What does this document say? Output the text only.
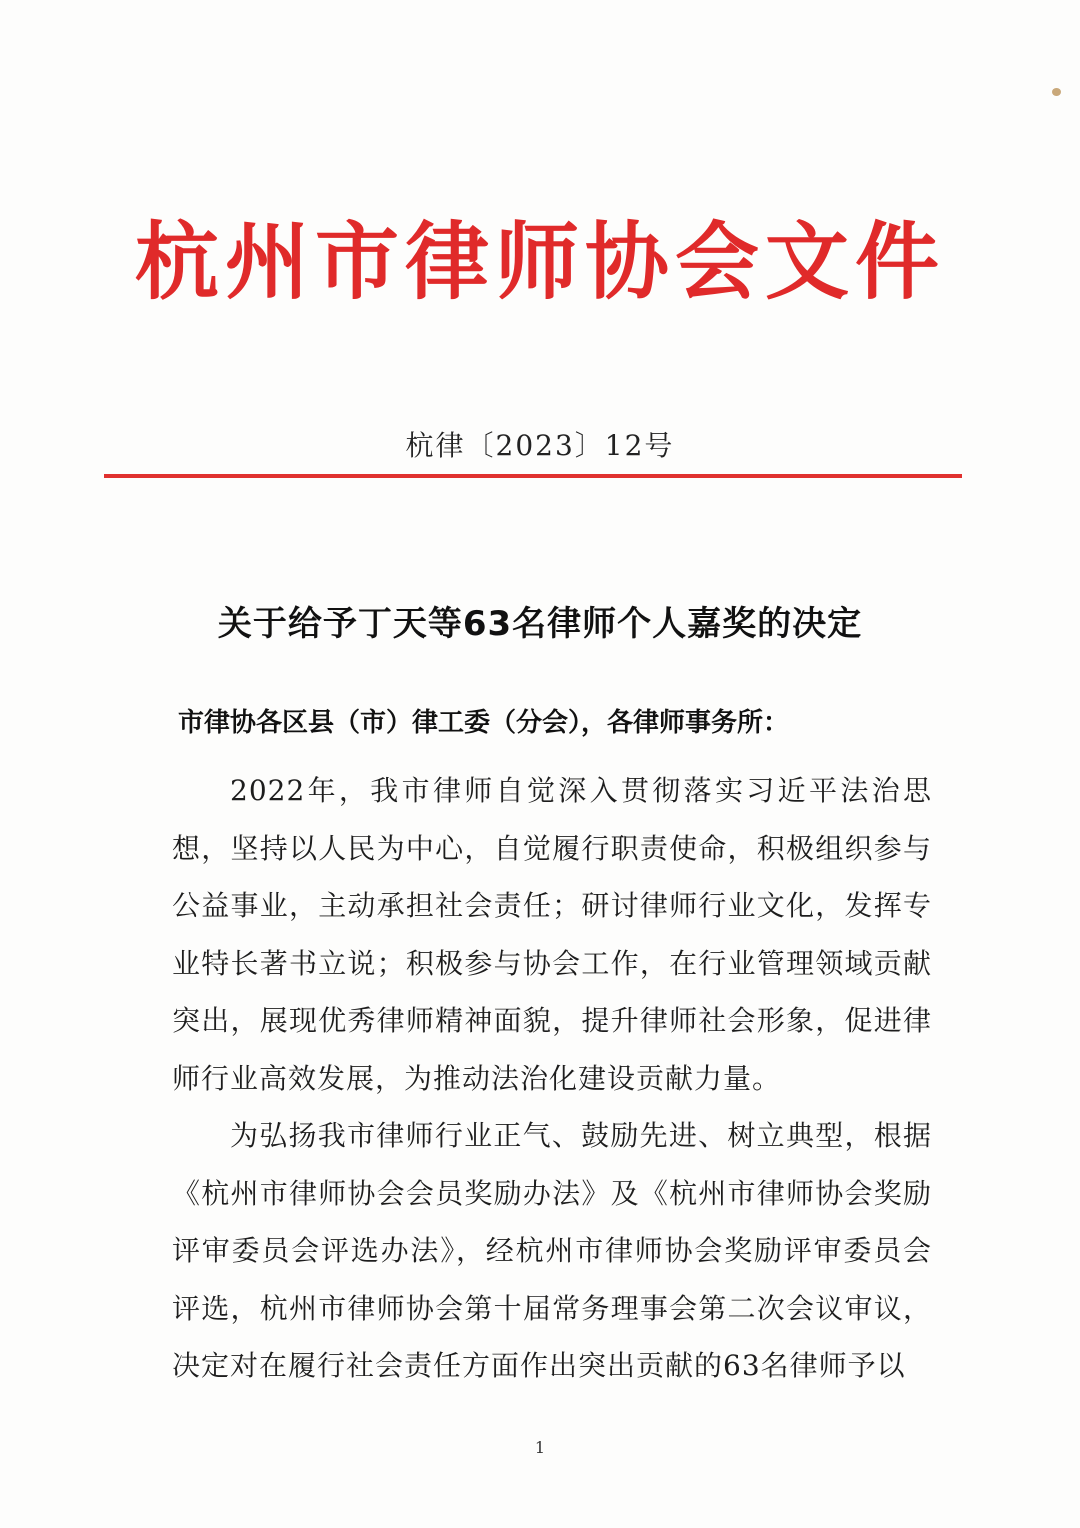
杭州市律师协会文件
杭律〔2023〕12号
关于给予丁天等63名律师个人嘉奖的决定
市律协各区县（市）律工委（分会），各律师事务所：

2022年，我市律师自觉深入贯彻落实习近平法治思想，坚持以人民为中心，自觉履行职责使命，积极组织参与公益事业，主动承担社会责任；研讨律师行业文化，发挥专业特长著书立说；积极参与协会工作，在行业管理领域贡献突出，展现优秀律师精神面貌，提升律师社会形象，促进律师行业高效发展，为推动法治化建设贡献力量。

为弘扬我市律师行业正气、鼓励先进、树立典型，根据《杭州市律师协会会员奖励办法》及《杭州市律师协会奖励评审委员会评选办法》，经杭州市律师协会奖励评审委员会评选，杭州市律师协会第十届常务理事会第二次会议审议，决定对在履行社会责任方面作出突出贡献的63名律师予以

1
